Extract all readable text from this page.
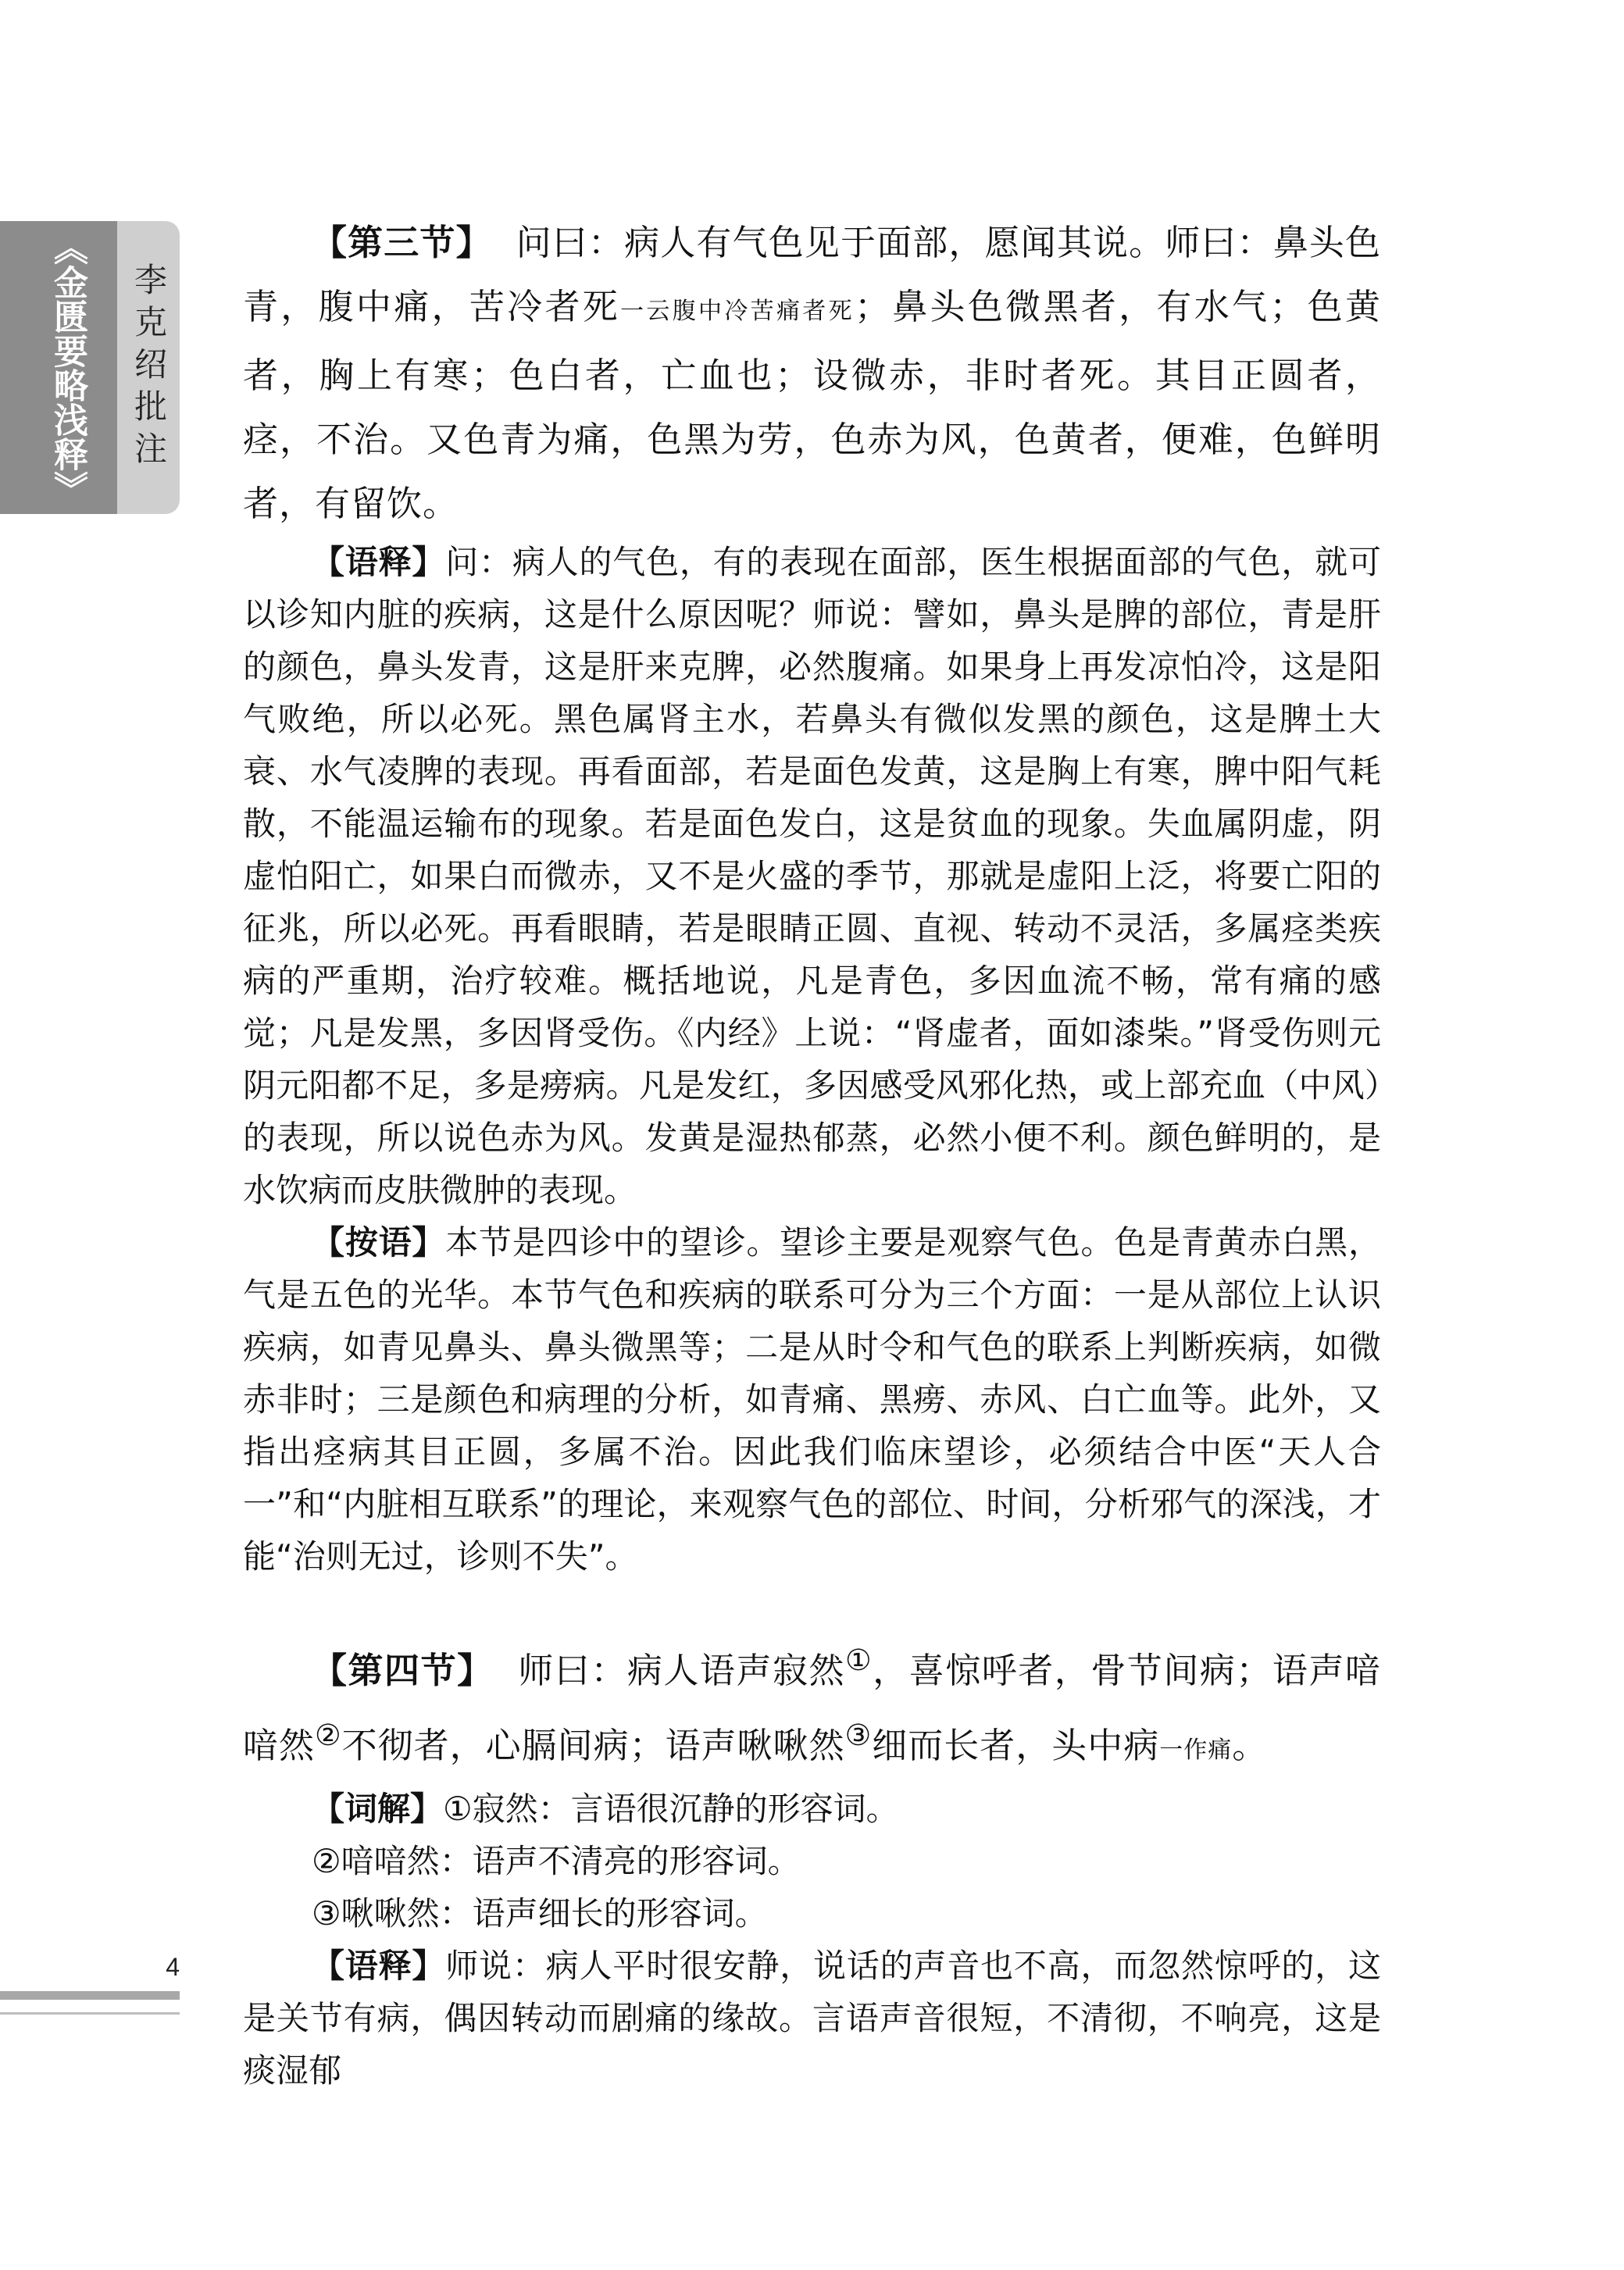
《金匮要略浅释》 李克绍批注
4

【第三节】 问曰：病人有气色见于面部，愿闻其说。师曰：鼻头色青，腹中痛，苦冷者死一云腹中冷苦痛者死；鼻头色微黑者，有水气；色黄者，胸上有寒；色白者，亡血也；设微赤，非时者死。其目正圆者，痉，不治。又色青为痛，色黑为劳，色赤为风，色黄者，便难，色鲜明者，有留饮。

【语释】问：病人的气色，有的表现在面部，医生根据面部的气色，就可以诊知内脏的疾病，这是什么原因呢？师说：譬如，鼻头是脾的部位，青是肝的颜色，鼻头发青，这是肝来克脾，必然腹痛。如果身上再发凉怕冷，这是阳气败绝，所以必死。黑色属肾主水，若鼻头有微似发黑的颜色，这是脾土大衰、水气凌脾的表现。再看面部，若是面色发黄，这是胸上有寒，脾中阳气耗散，不能温运输布的现象。若是面色发白，这是贫血的现象。失血属阴虚，阴虚怕阳亡，如果白而微赤，又不是火盛的季节，那就是虚阳上泛，将要亡阳的征兆，所以必死。再看眼睛，若是眼睛正圆、直视、转动不灵活，多属痉类疾病的严重期，治疗较难。概括地说，凡是青色，多因血流不畅，常有痛的感觉；凡是发黑，多因肾受伤。《内经》上说：“肾虚者，面如漆柴。”肾受伤则元阴元阳都不足，多是痨病。凡是发红，多因感受风邪化热，或上部充血（中风）的表现，所以说色赤为风。发黄是湿热郁蒸，必然小便不利。颜色鲜明的，是水饮病而皮肤微肿的表现。

【按语】本节是四诊中的望诊。望诊主要是观察气色。色是青黄赤白黑，气是五色的光华。本节气色和疾病的联系可分为三个方面：一是从部位上认识疾病，如青见鼻头、鼻头微黑等；二是从时令和气色的联系上判断疾病，如微赤非时；三是颜色和病理的分析，如青痛、黑痨、赤风、白亡血等。此外，又指出痉病其目正圆，多属不治。因此我们临床望诊，必须结合中医“天人合一”和“内脏相互联系”的理论，来观察气色的部位、时间，分析邪气的深浅，才能“治则无过，诊则不失”。

【第四节】 师曰：病人语声寂然①，喜惊呼者，骨节间病；语声喑喑然②不彻者，心膈间病；语声啾啾然③细而长者，头中病一作痛。

【词解】①寂然：言语很沉静的形容词。

②喑喑然：语声不清亮的形容词。

③啾啾然：语声细长的形容词。

【语释】师说：病人平时很安静，说话的声音也不高，而忽然惊呼的，这是关节有病，偶因转动而剧痛的缘故。言语声音很短，不清彻，不响亮，这是痰湿郁
